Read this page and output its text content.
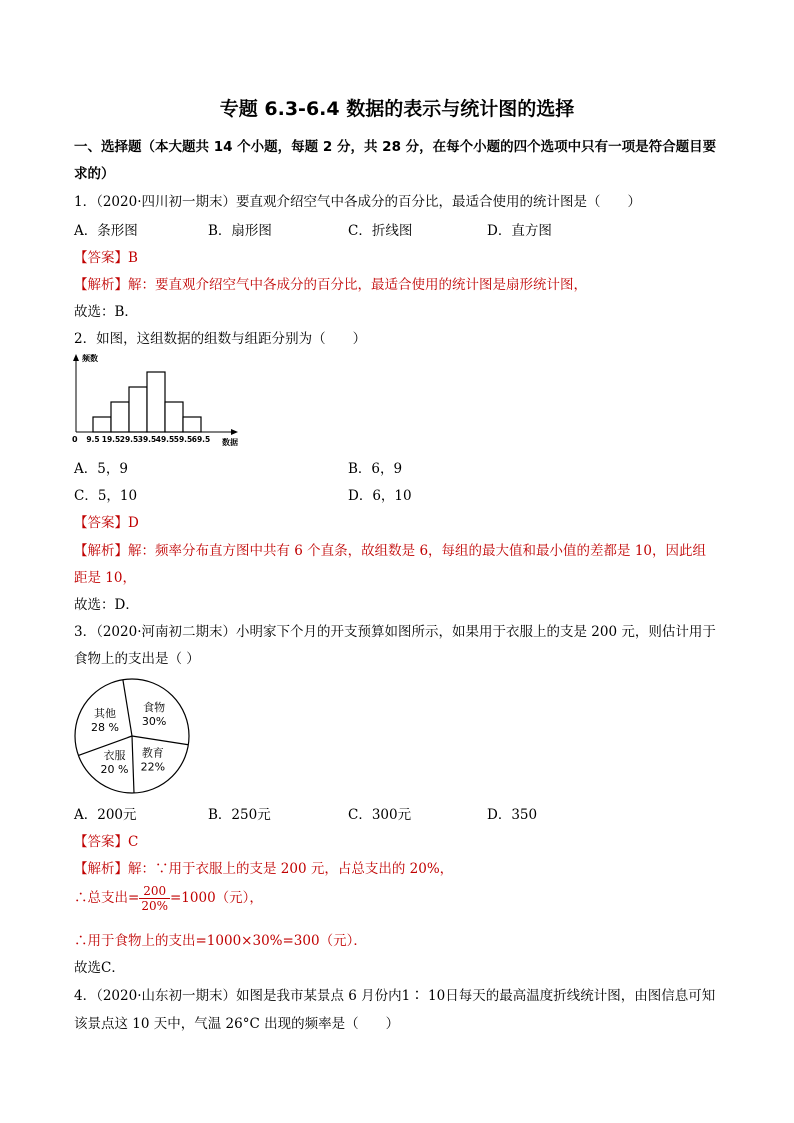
专题 6.3-6.4 数据的表示与统计图的选择
一、选择题（本大题共 14 个小题，每题 2 分，共 28 分，在每个小题的四个选项中只有一项是符合题目要
求的）
1．（2020·四川初一期末）要直观介绍空气中各成分的百分比，最适合使用的统计图是（　　）
A．条形图	B．扇形图	C．折线图	D．直方图
【答案】B
【解析】解：要直观介绍空气中各成分的百分比，最适合使用的统计图是扇形统计图，
故选：B．
2．如图，这组数据的组数与组距分别为（　　）
频数
数据
0 9.5 19.5 29.5 39.5 49.5 59.5 69.5
A．5，9	B．6，9
C．5，10	D．6，10
【答案】D
【解析】解：频率分布直方图中共有 6 个直条，故组数是 6，每组的最大值和最小值的差都是 10，因此组
距是 10，
故选：D．
3．（2020·河南初二期末）小明家下个月的开支预算如图所示，如果用于衣服上的支是 200 元，则估计用于
食物上的支出是（ ）
食物
30%
教育
22%
衣服
20 %
其他
28 %
A．200元	B．250元	C．300元	D．350
【答案】C
【解析】解：∵用于衣服上的支是 200 元，占总支出的 20%，
∴总支出= $\frac{200}{20\%} =1000$（元），
∴用于食物上的支出=1000×30%=300（元）．
故选C．
4．（2020·山东初一期末）如图是我市某景点 6 月份内1∶ 10日每天的最高温度折线统计图，由图信息可知
该景点这 10 天中，气温 26°C 出现的频率是（　　）
